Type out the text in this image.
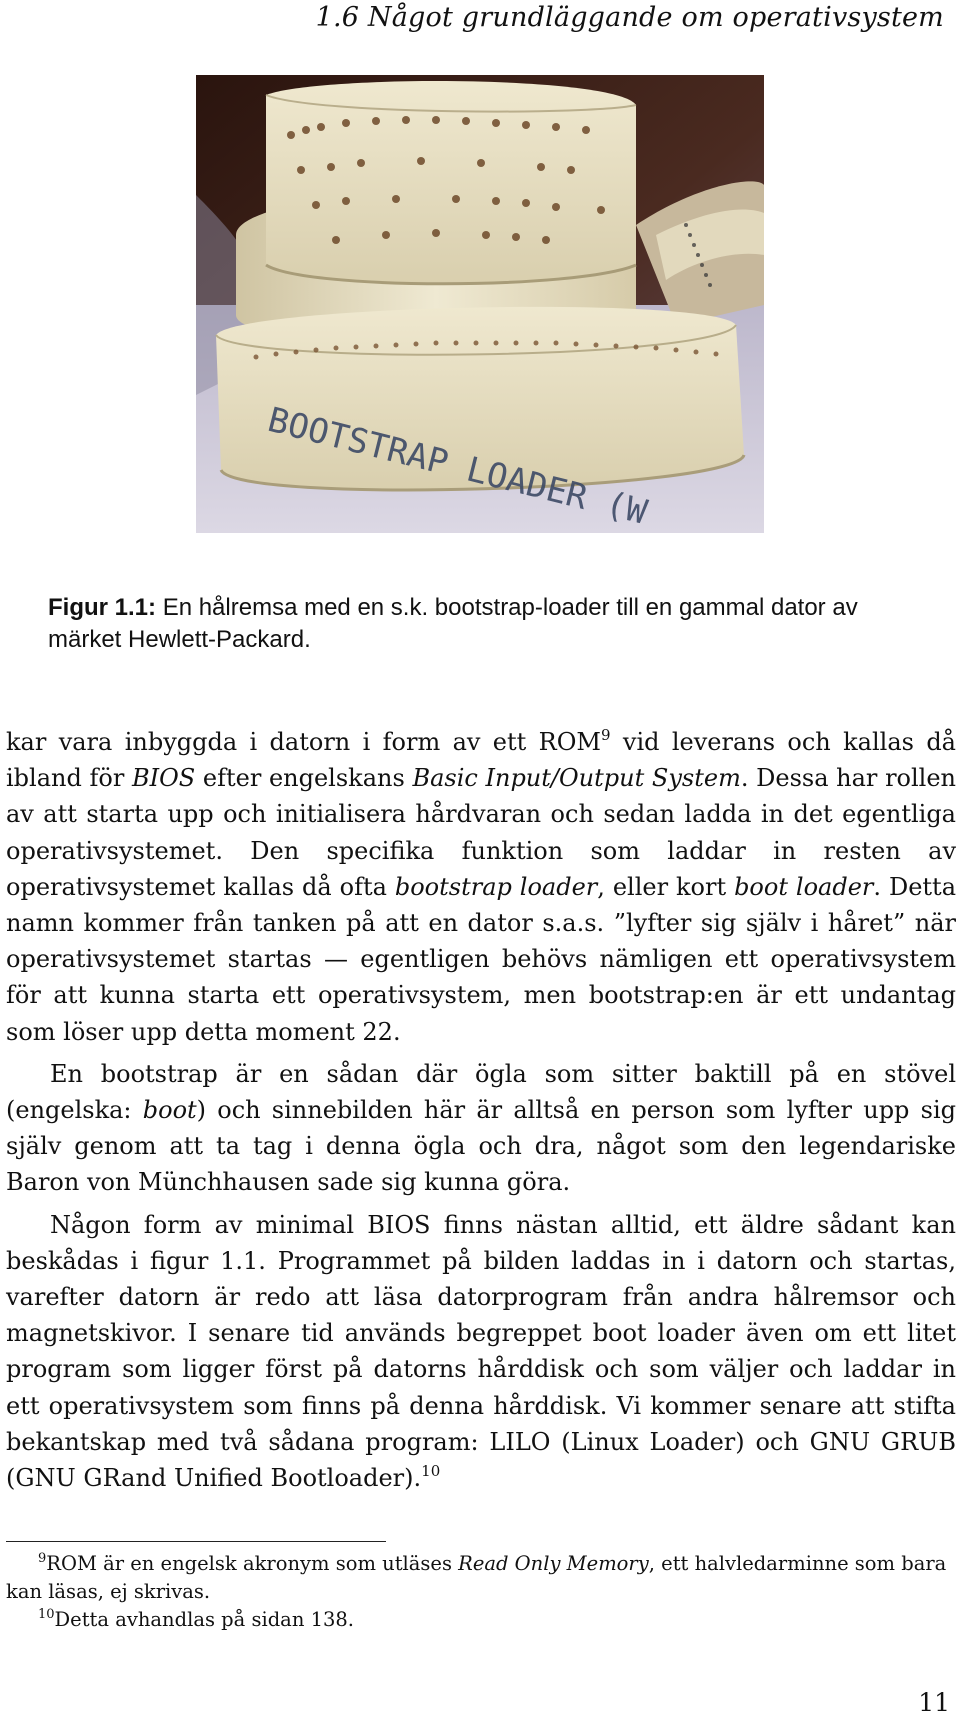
1.6 Något grundläggande om operativsystem
BOOTSTRAP LOADER (W
Figur 1.1: En hålremsa med en s.k. bootstrap-loader till en gammal dator av märket Hewlett-Packard.

kar vara inbyggda i datorn i form av ett ROM$^9$ vid leverans och kallas då ibland för BIOS efter engelskans Basic Input/Output System. Dessa har rollen av att starta upp och initialisera hårdvaran och sedan ladda in det egentliga operativsystemet. Den specifika funktion som laddar in resten av operativsystemet kallas då ofta bootstrap loader, eller kort boot loader. Detta namn kommer från tanken på att en dator s.a.s. ”lyfter sig själv i håret” när operativsystemet startas — egentligen behövs nämligen ett operativsystem för att kunna starta ett operativsystem, men bootstrap:en är ett undantag som löser upp detta moment 22.

En bootstrap är en sådan där ögla som sitter baktill på en stövel (engelska: boot) och sinnebilden här är alltså en person som lyfter upp sig själv genom att ta tag i denna ögla och dra, något som den legendariske Baron von Münchhausen sade sig kunna göra.

Någon form av minimal BIOS finns nästan alltid, ett äldre sådant kan beskådas i figur 1.1. Programmet på bilden laddas in i datorn och startas, varefter datorn är redo att läsa datorprogram från andra hålremsor och magnetskivor. I senare tid används begreppet boot loader även om ett litet program som ligger först på datorns hårddisk och som väljer och laddar in ett operativsystem som finns på denna hårddisk. Vi kommer senare att stifta bekantskap med två sådana program: LILO (Linux Loader) och GNU GRUB (GNU GRand Unified Bootloader).$^{10}$

$^9$ROM är en engelsk akronym som utläses Read Only Memory, ett halvledarminne som bara kan läsas, ej skrivas.

$^{10}$Detta avhandlas på sidan 138.

11
